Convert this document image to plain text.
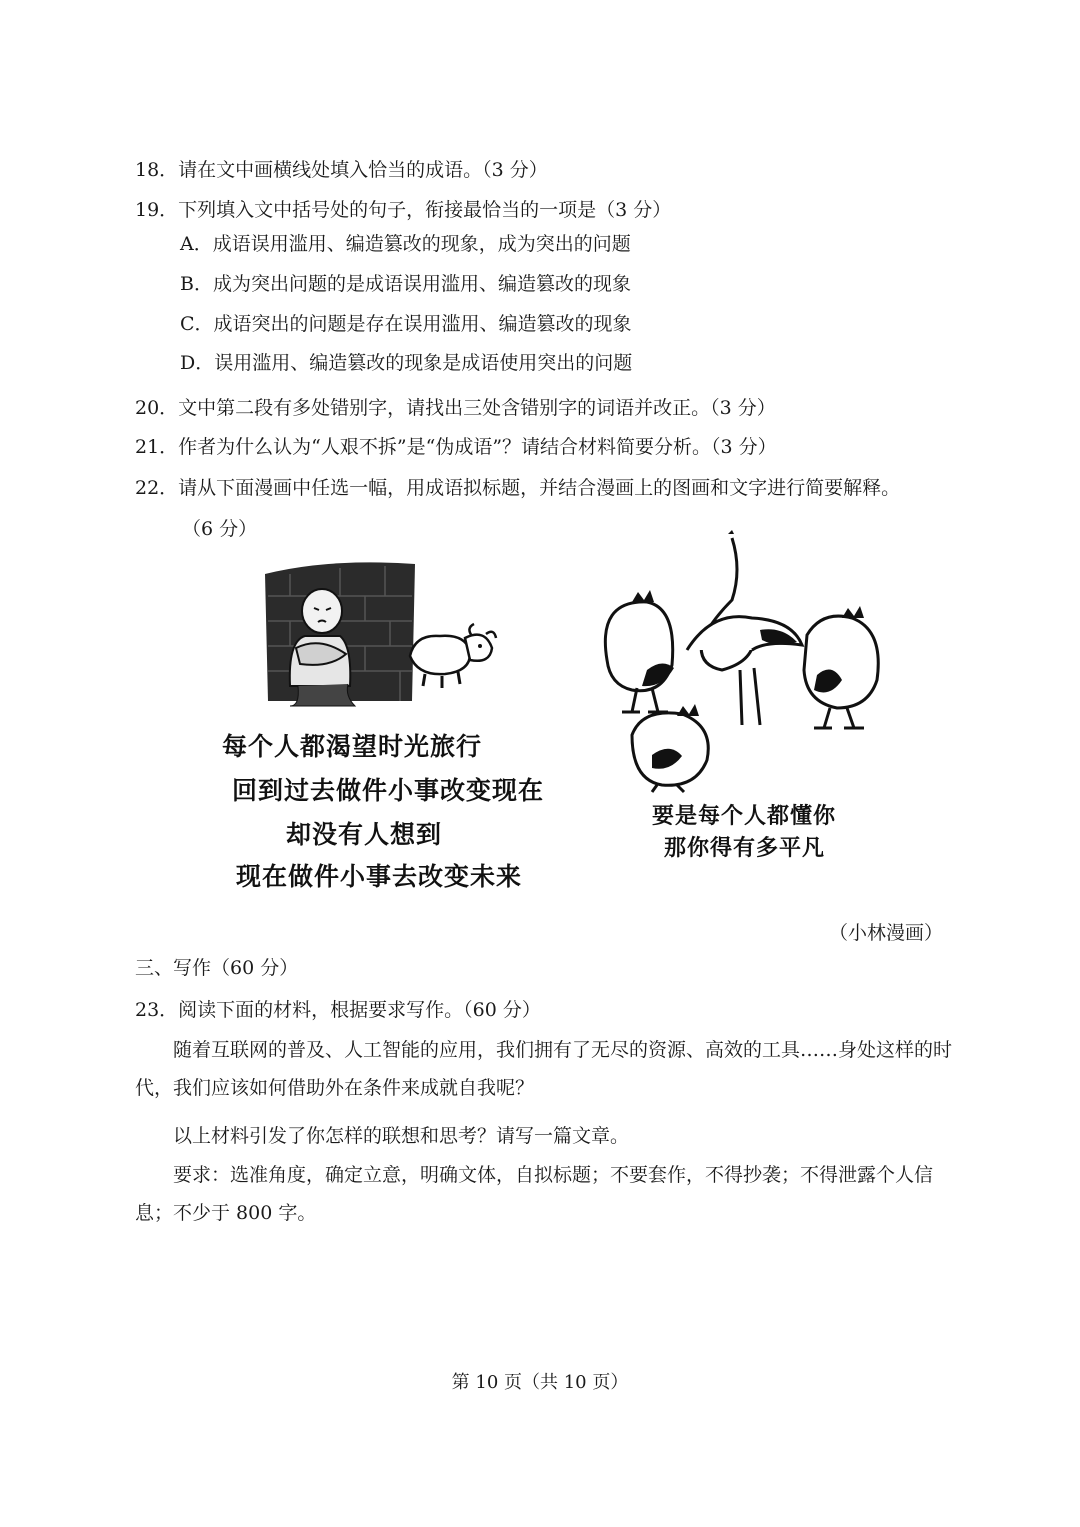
18．请在文中画横线处填入恰当的成语。（3 分）
19．下列填入文中括号处的句子，衔接最恰当的一项是（3 分）
A．成语误用滥用、编造篡改的现象，成为突出的问题
B．成为突出问题的是成语误用滥用、编造篡改的现象
C．成语突出的问题是存在误用滥用、编造篡改的现象
D．误用滥用、编造篡改的现象是成语使用突出的问题
20．文中第二段有多处错别字，请找出三处含错别字的词语并改正。（3 分）
21．作者为什么认为“人艰不拆”是“伪成语”？请结合材料简要分析。（3 分）
22．请从下面漫画中任选一幅，用成语拟标题，并结合漫画上的图画和文字进行简要解释。
（6 分）
每个人都渴望时光旅行
回到过去做件小事改变现在
却没有人想到
现在做件小事去改变未来
要是每个人都懂你
那你得有多平凡
（小林漫画）
三、写作（60 分）
23．阅读下面的材料，根据要求写作。（60 分）
随着互联网的普及、人工智能的应用，我们拥有了无尽的资源、高效的工具……身处这样的时代，我们应该如何借助外在条件来成就自我呢？
以上材料引发了你怎样的联想和思考？请写一篇文章。
要求：选准角度，确定立意，明确文体，自拟标题；不要套作，不得抄袭；不得泄露个人信息；不少于 800 字。
第 10 页（共 10 页）
